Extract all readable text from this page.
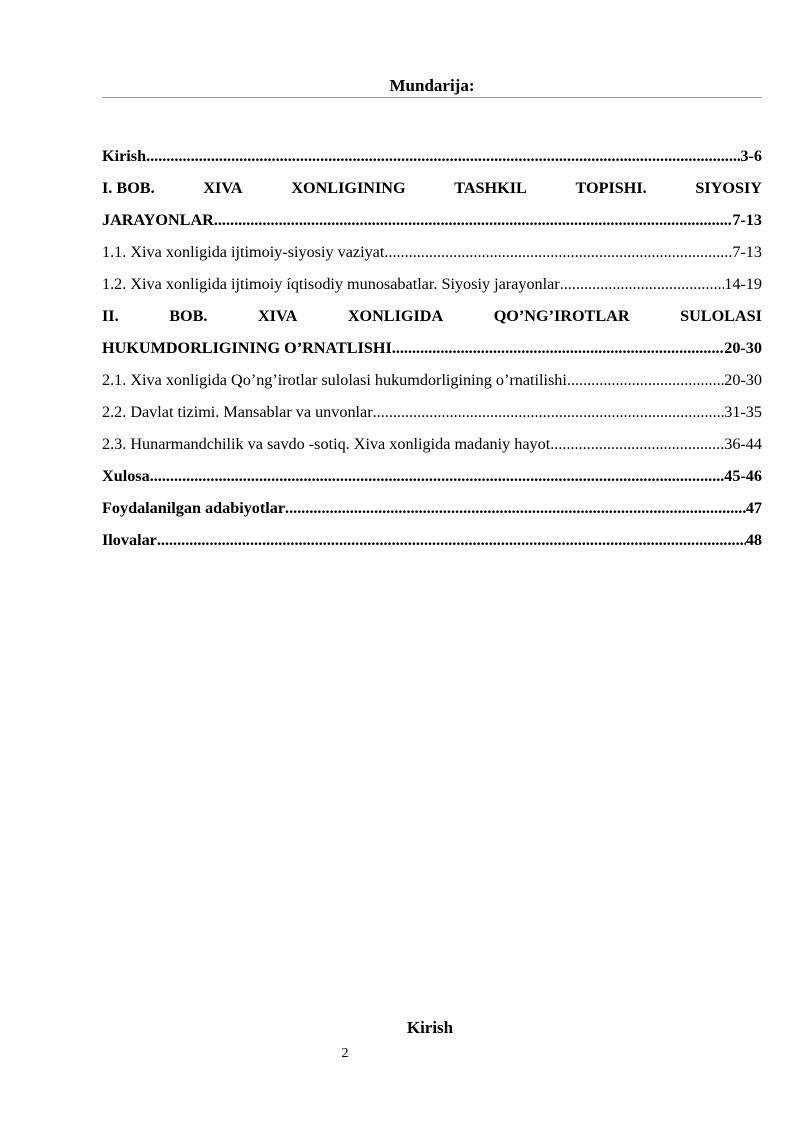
Mundarija:
Kirish .....	3-6
I. BOB.	XIVA	XONLIGINING	TASHKIL	TOPISHI.	SIYOSIY
JARAYONLAR .....	7-13
1.1. Xiva xonligida ijtimoiy-siyosiy vaziyat .....	7-13
1.2. Xiva xonligida ijtimoiy íqtisodiy munosabatlar. Siyosiy jarayonlar .....	14-19
II.	BOB.	XIVA	XONLIGIDA	QO’NG’IROTLAR	SULOLASI
HUKUMDORLIGINING O’RNATLISHI .....	20-30
2.1. Xiva xonligida Qo’ng’irotlar sulolasi hukumdorligining o’rnatilishi .....	20-30
2.2. Davlat tizimi. Mansablar va unvonlar .....	31-35
2.3. Hunarmandchilik va savdo -sotiq. Xiva xonligida madaniy hayot .....	36-44
Xulosa .....	45-46
Foydalanilgan adabiyotlar .....	47
Ilovalar .....	48
Kirish
2
